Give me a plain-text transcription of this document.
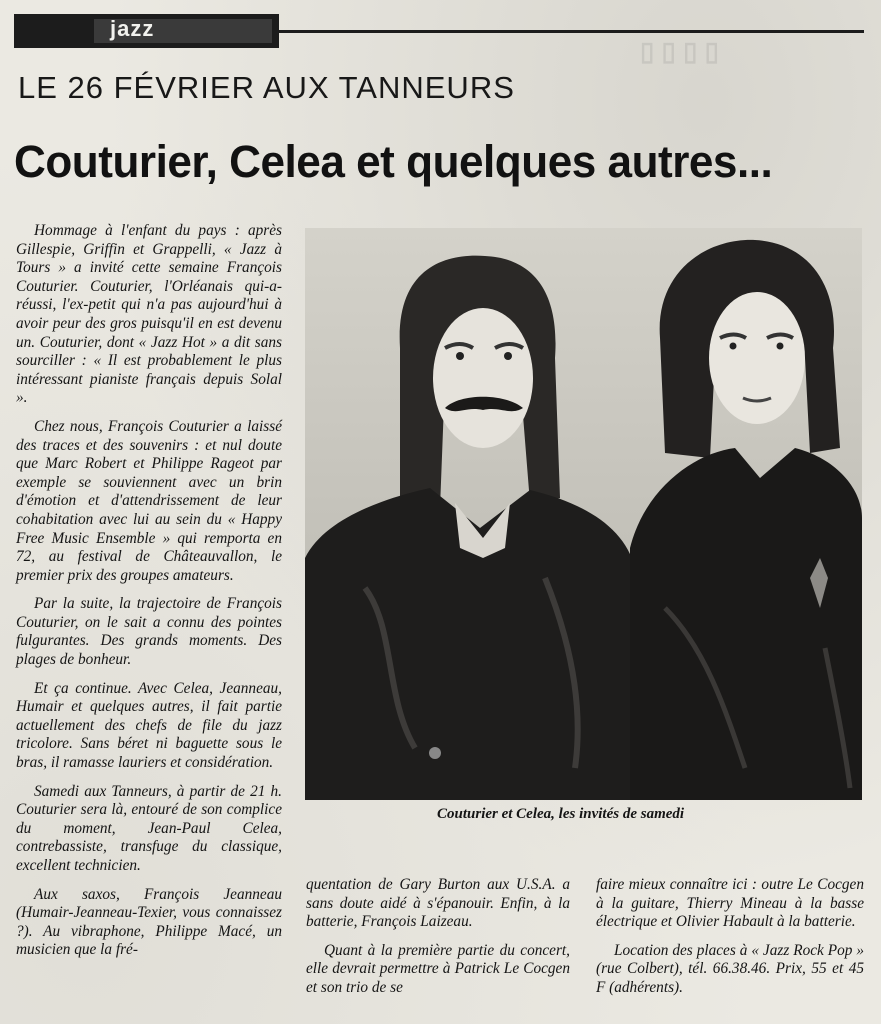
▯ ▯ ▯ ▯
jazz
LE 26 FÉVRIER AUX TANNEURS
Couturier, Celea et quelques autres...

Hommage à l'enfant du pays : après Gillespie, Griffin et Grappelli, « Jazz à Tours » a invité cette semaine François Couturier. Couturier, l'Orléanais qui-a-réussi, l'ex-petit qui n'a pas aujourd'hui à avoir peur des gros puisqu'il en est devenu un. Couturier, dont « Jazz Hot » a dit sans sourciller : « Il est probablement le plus intéressant pianiste français depuis Solal ».

Chez nous, François Couturier a laissé des traces et des souvenirs : et nul doute que Marc Robert et Philippe Rageot par exemple se souviennent avec un brin d'émotion et d'attendrissement de leur cohabitation avec lui au sein du « Happy Free Music Ensemble » qui remporta en 72, au festival de Châteauvallon, le premier prix des groupes amateurs.

Par la suite, la trajectoire de François Couturier, on le sait a connu des pointes fulgurantes. Des grands moments. Des plages de bonheur.

Et ça continue. Avec Celea, Jeanneau, Humair et quelques autres, il fait partie actuellement des chefs de file du jazz tricolore. Sans béret ni baguette sous le bras, il ramasse lauriers et considération.

Samedi aux Tanneurs, à partir de 21 h. Couturier sera là, entouré de son complice du moment, Jean-Paul Celea, contrebassiste, transfuge du classique, excellent technicien.

Aux saxos, François Jeanneau (Humair-Jeanneau-Texier, vous connaissez ?). Au vibraphone, Philippe Macé, un musicien que la fré-

Couturier et Celea, les invités de samedi

quentation de Gary Burton aux U.S.A. a sans doute aidé à s'épanouir. Enfin, à la batterie, François Laizeau.

Quant à la première partie du concert, elle devrait permettre à Patrick Le Cocgen et son trio de se

faire mieux connaître ici : outre Le Cocgen à la guitare, Thierry Mineau à la basse électrique et Olivier Habault à la batterie.

Location des places à « Jazz Rock Pop » (rue Colbert), tél. 66.38.46. Prix, 55 et 45 F (adhérents).
